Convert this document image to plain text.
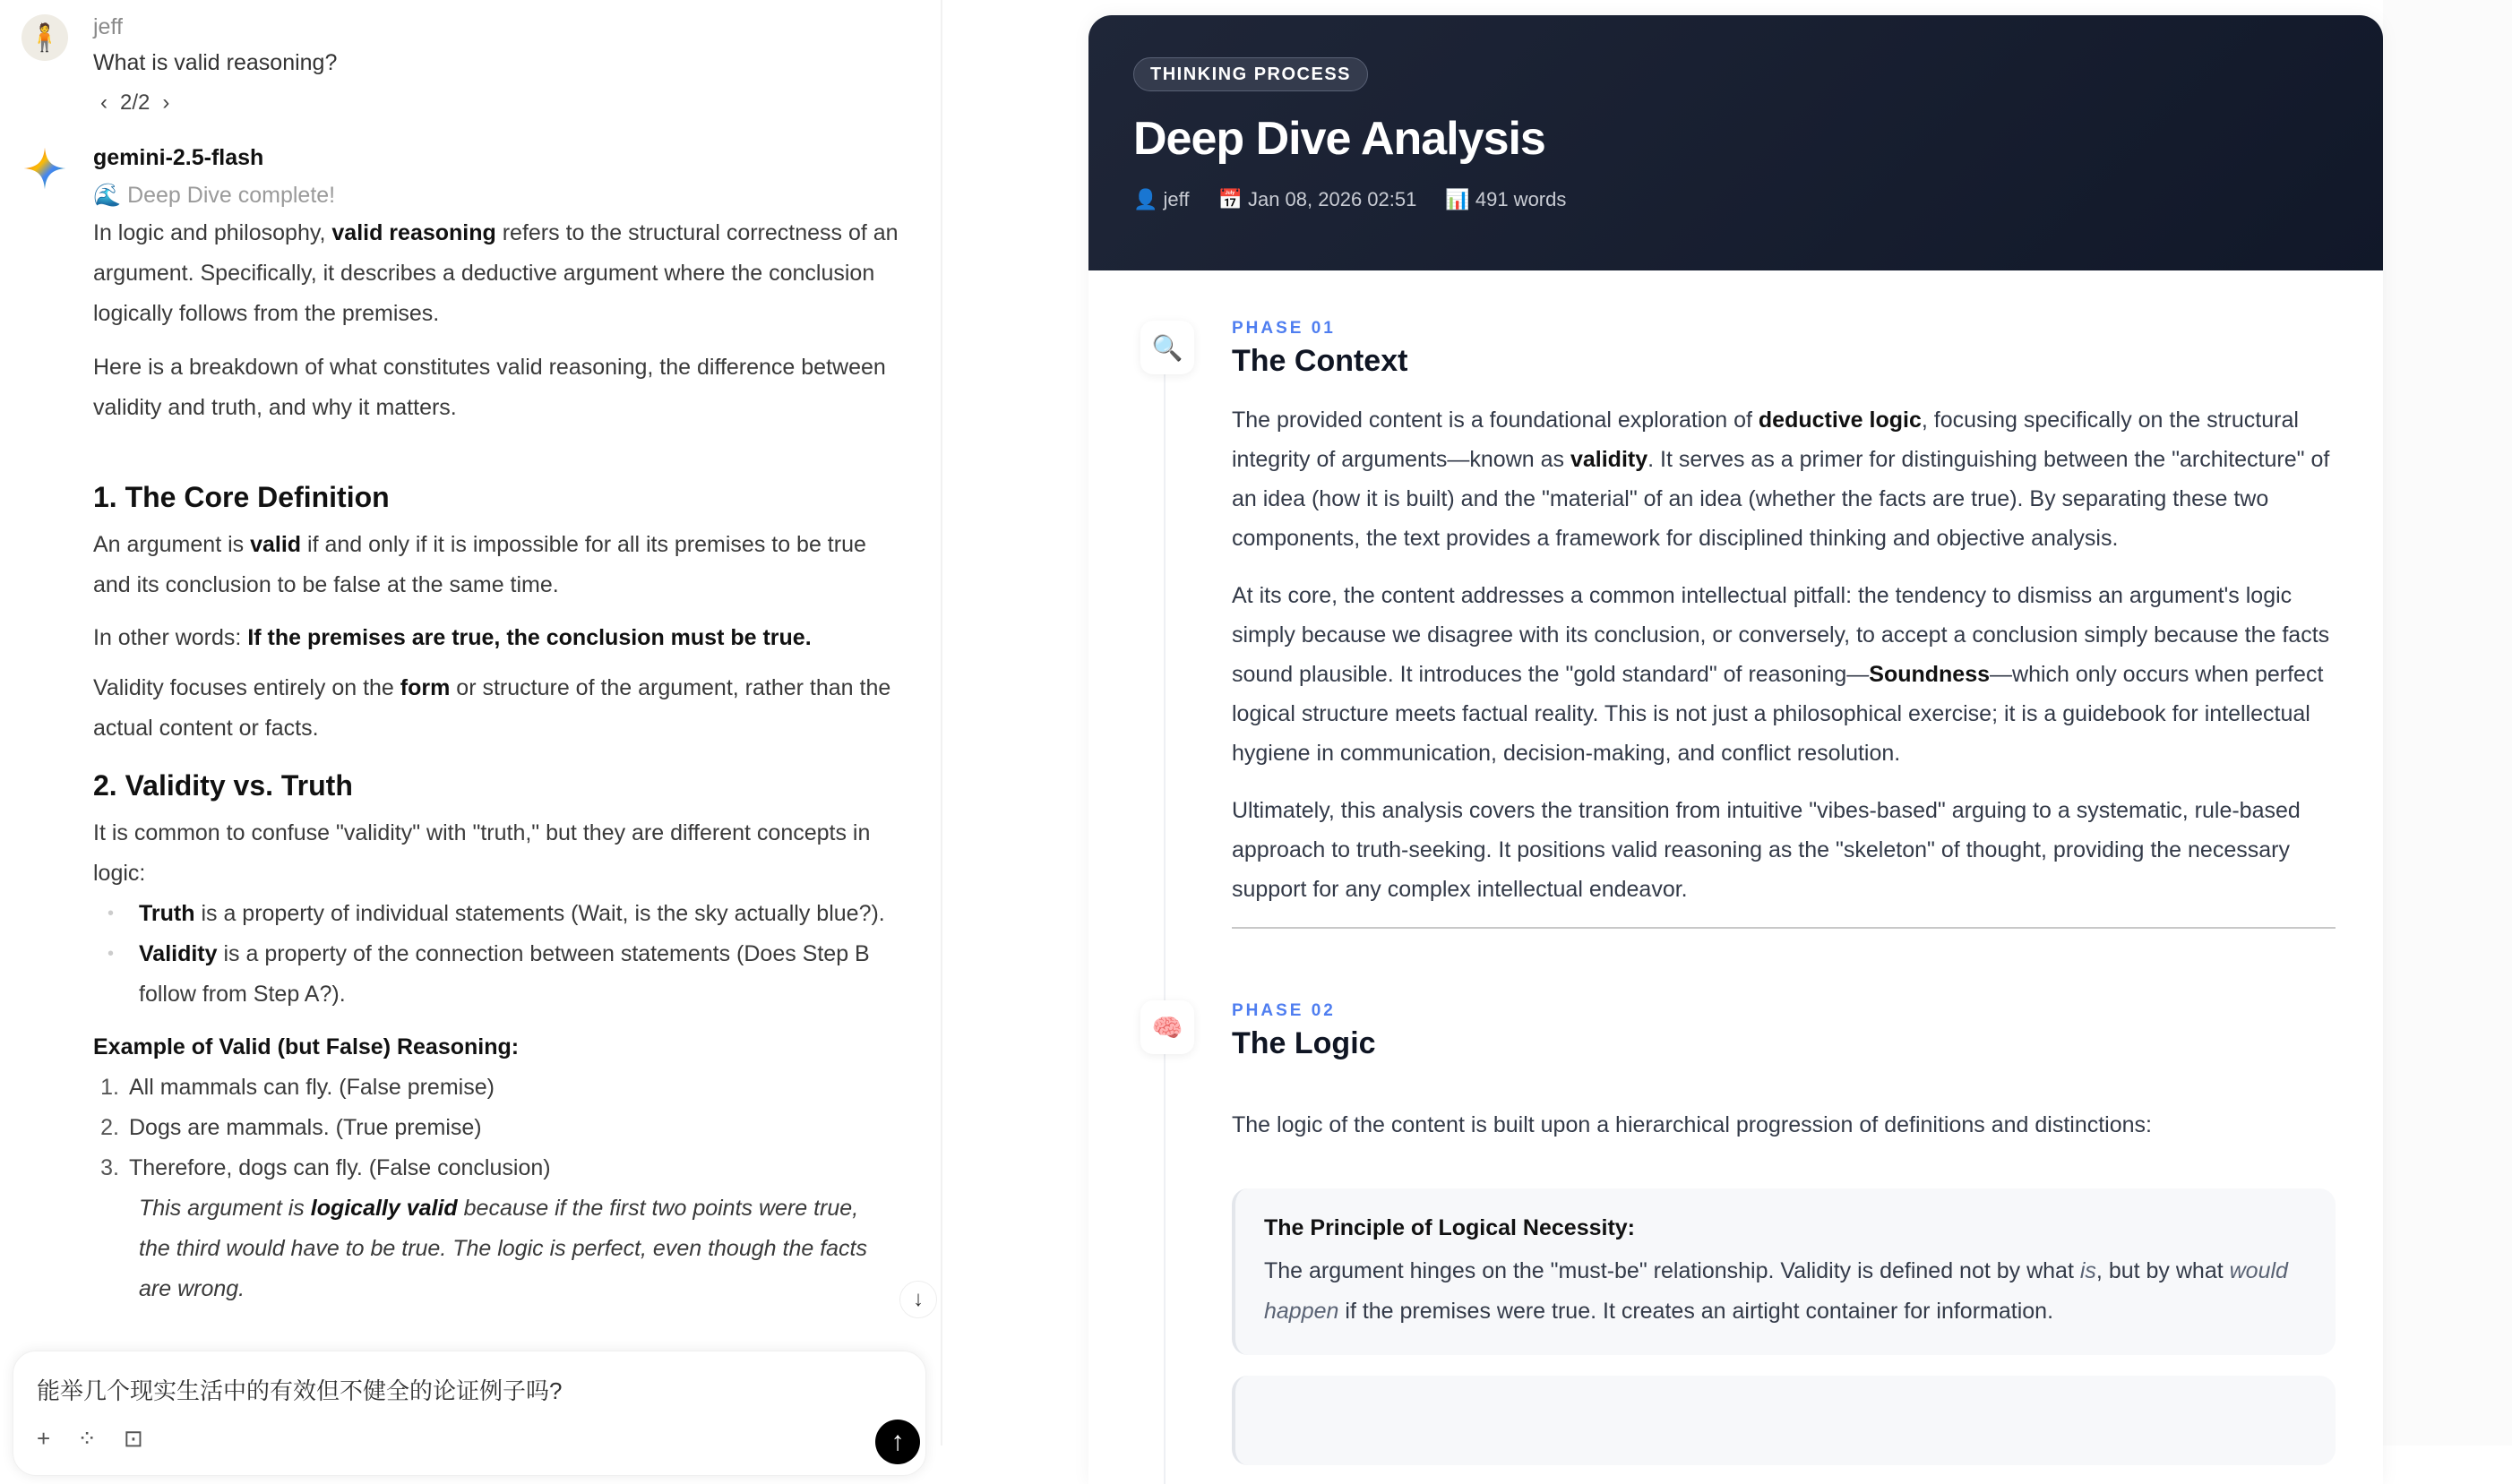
🧍 jeff
What is valid reasoning?
‹ 2/2 ›
gemini-2.5-flash
🌊 Deep Dive complete!
In logic and philosophy, valid reasoning refers to the structural correctness of an argument. Specifically, it describes a deductive argument where the conclusion logically follows from the premises.
Here is a breakdown of what constitutes valid reasoning, the difference between validity and truth, and why it matters.
1. The Core Definition
An argument is valid if and only if it is impossible for all its premises to be true and its conclusion to be false at the same time.
In other words: If the premises are true, the conclusion must be true.
Validity focuses entirely on the form or structure of the argument, rather than the actual content or facts.
2. Validity vs. Truth
It is common to confuse "validity" with "truth," but they are different concepts in logic:
•	Truth is a property of individual statements (Wait, is the sky actually blue?).
•	Validity is a property of the connection between statements (Does Step B follow from Step A?).
Example of Valid (but False) Reasoning:
1. All mammals can fly. (False premise)
2. Dogs are mammals. (True premise)
3. Therefore, dogs can fly. (False conclusion)
This argument is logically valid because if the first two points were true, the third would have to be true. The logic is perfect, even though the facts are wrong.	↓
能举几个现实生活中的有效但不健全的论证例子吗?
+ ⁘ ⊡	↑
THINKING PROCESS
Deep Dive Analysis
👤 jeff 📅 Jan 08, 2026 02:51 📊 491 words
🔍
PHASE 01
The Context
The provided content is a foundational exploration of deductive logic, focusing specifically on the structural integrity of arguments—known as validity. It serves as a primer for distinguishing between the "architecture" of an idea (how it is built) and the "material" of an idea (whether the facts are true). By separating these two components, the text provides a framework for disciplined thinking and objective analysis.
At its core, the content addresses a common intellectual pitfall: the tendency to dismiss an argument's logic simply because we disagree with its conclusion, or conversely, to accept a conclusion simply because the facts sound plausible. It introduces the "gold standard" of reasoning—Soundness—which only occurs when perfect logical structure meets factual reality. This is not just a philosophical exercise; it is a guidebook for intellectual hygiene in communication, decision-making, and conflict resolution.
Ultimately, this analysis covers the transition from intuitive "vibes-based" arguing to a systematic, rule-based approach to truth-seeking. It positions valid reasoning as the "skeleton" of thought, providing the necessary support for any complex intellectual endeavor.
🧠
PHASE 02
The Logic
The logic of the content is built upon a hierarchical progression of definitions and distinctions:
The Principle of Logical Necessity:
The argument hinges on the "must-be" relationship. Validity is defined not by what is, but by what would happen if the premises were true. It creates an airtight container for information.
